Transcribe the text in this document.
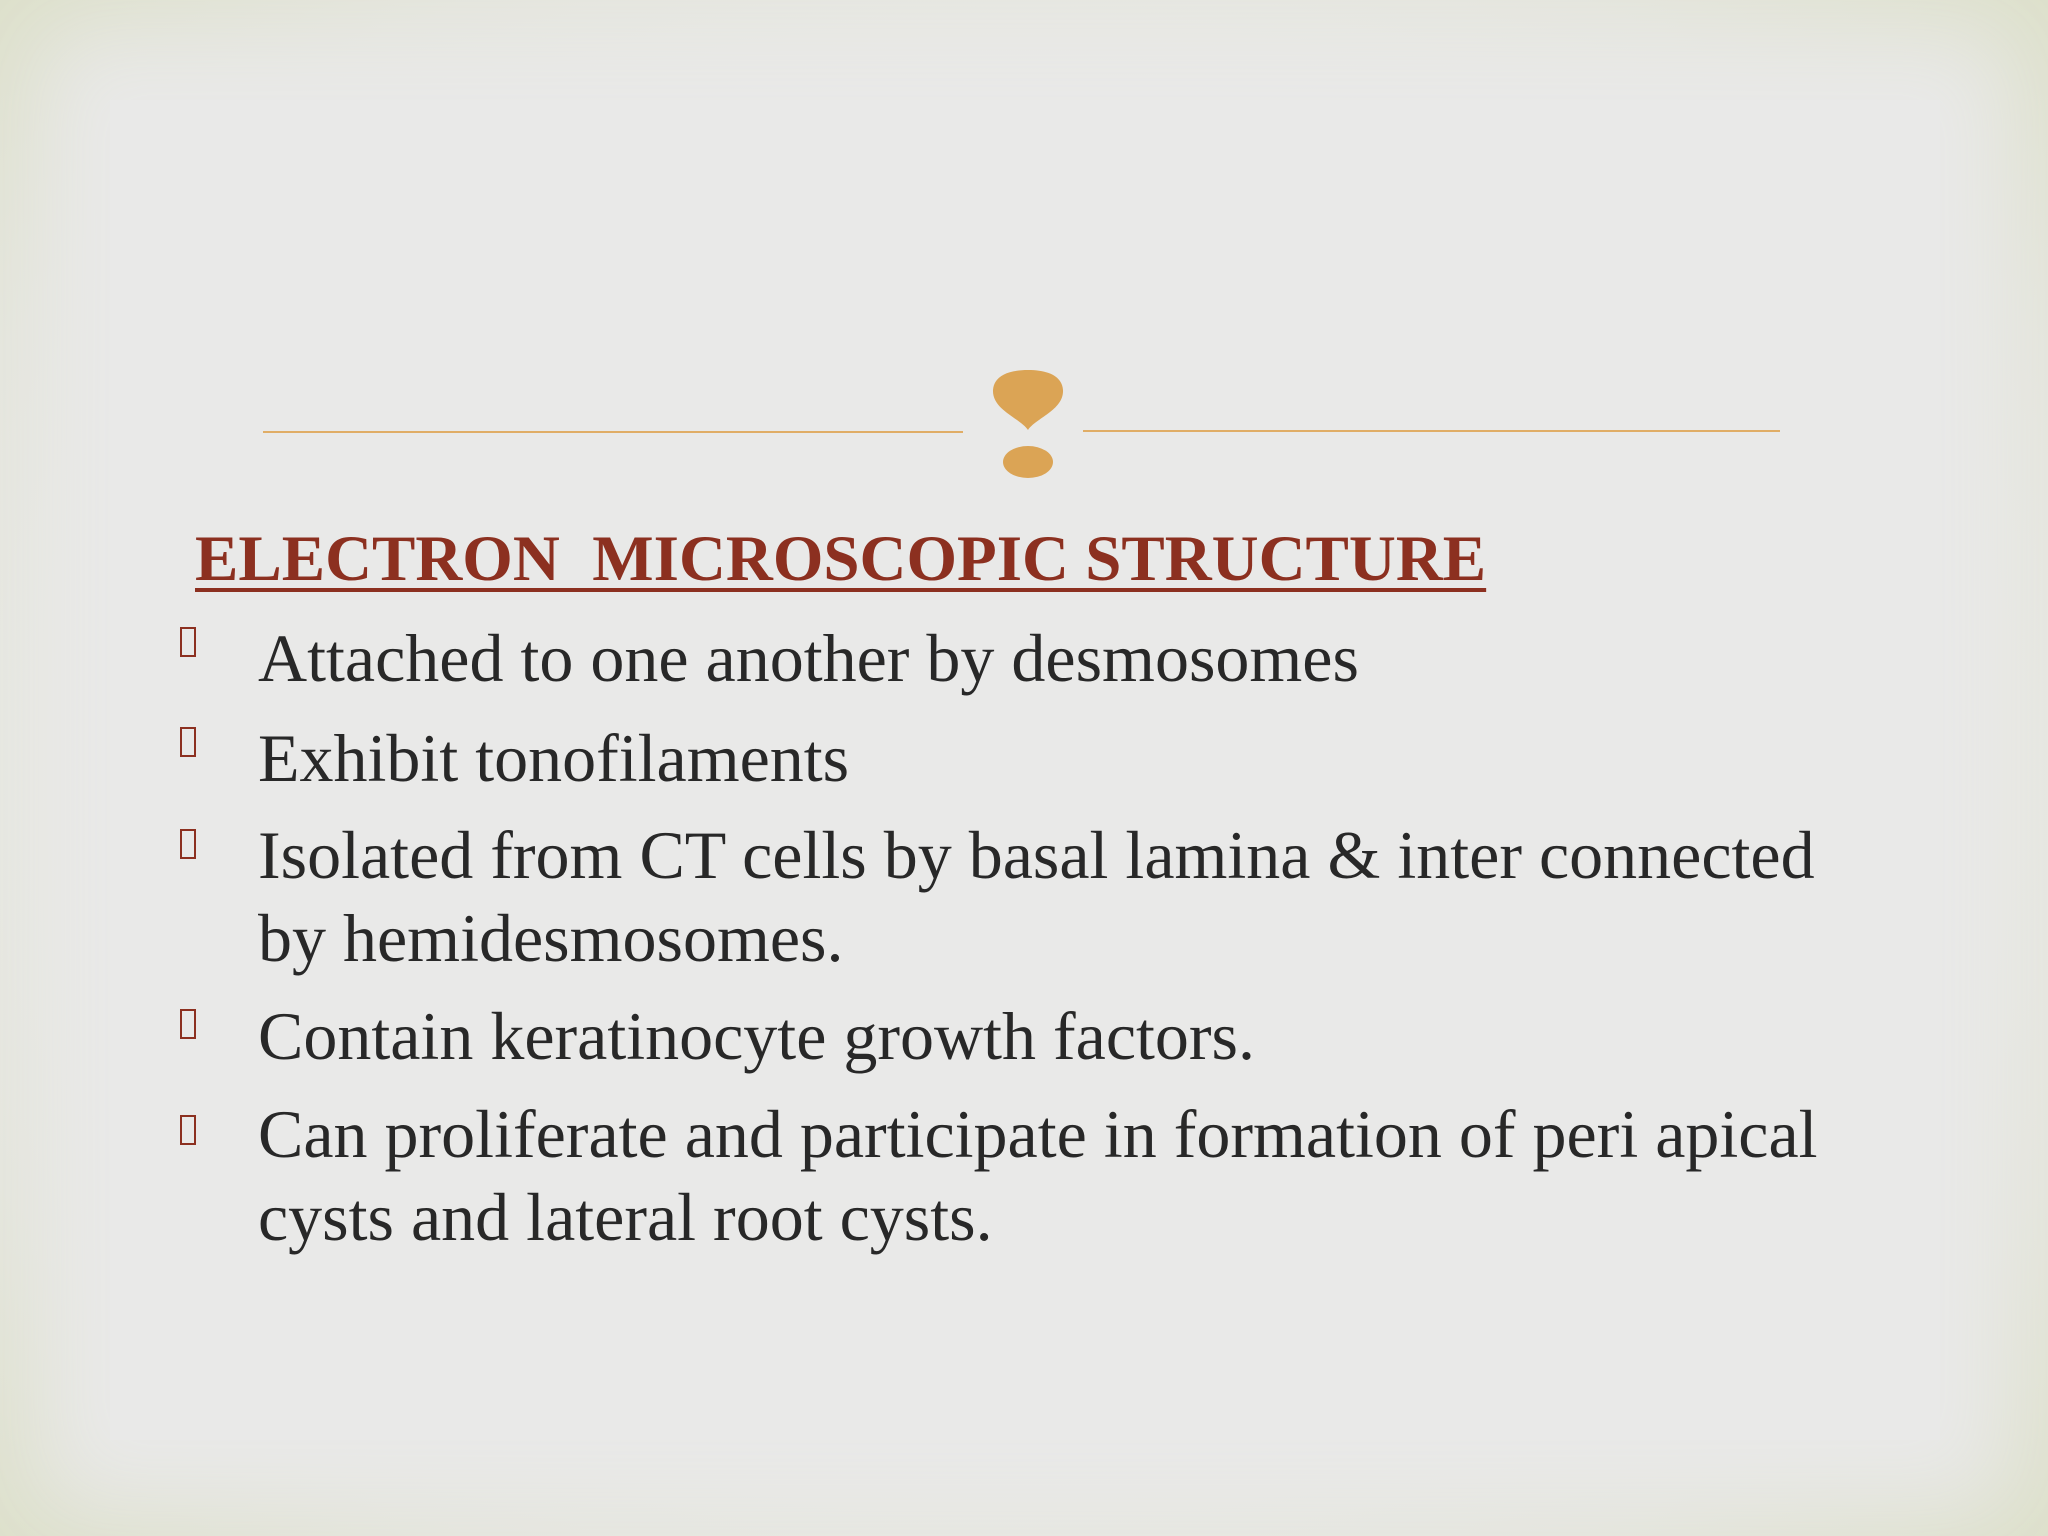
ELECTRON  MICROSCOPIC STRUCTURE
Attached to one another by desmosomes
Exhibit tonofilaments
Isolated from CT cells by basal lamina & inter connected by hemidesmosomes.
Contain keratinocyte growth factors.
Can proliferate and participate in formation of peri apical cysts and lateral root cysts.
